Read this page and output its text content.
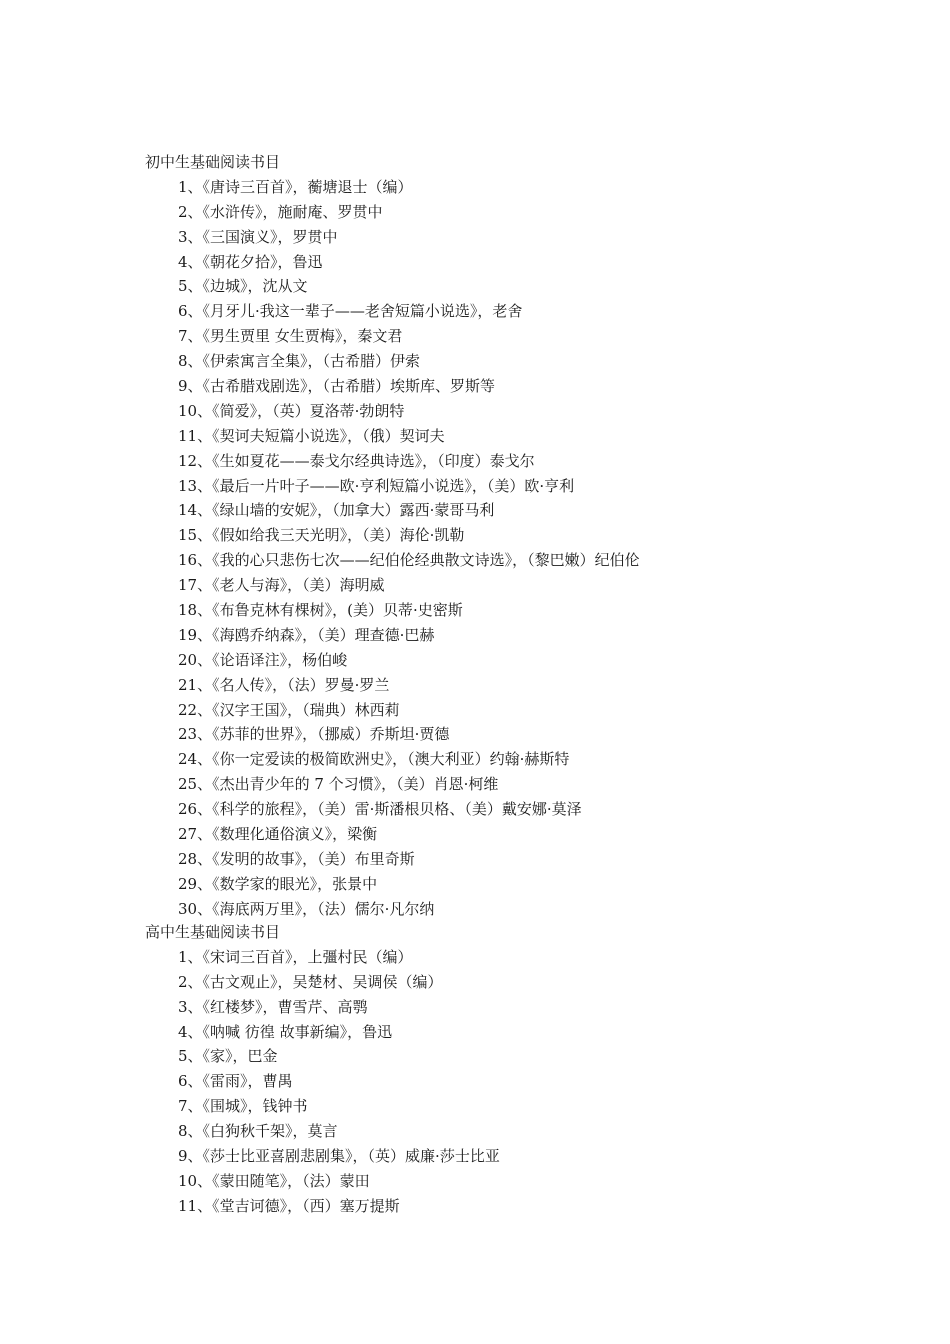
初中生基础阅读书目
1、《唐诗三百首》，蘅塘退士（编）
2、《水浒传》，施耐庵、罗贯中
3、《三国演义》，罗贯中
4、《朝花夕拾》，鲁迅
5、《边城》，沈从文
6、《月牙儿·我这一辈子——老舍短篇小说选》，老舍
7、《男生贾里 女生贾梅》，秦文君
8、《伊索寓言全集》，（古希腊）伊索
9、《古希腊戏剧选》，（古希腊）埃斯库、罗斯等
10、《简爱》，（英）夏洛蒂·勃朗特
11、《契诃夫短篇小说选》，（俄）契诃夫
12、《生如夏花——泰戈尔经典诗选》，（印度）泰戈尔
13、《最后一片叶子——欧·亨利短篇小说选》，（美）欧·亨利
14、《绿山墙的安妮》，（加拿大）露西·蒙哥马利
15、《假如给我三天光明》，（美）海伦·凯勒
16、《我的心只悲伤七次——纪伯伦经典散文诗选》，（黎巴嫩）纪伯伦
17、《老人与海》，（美）海明威
18、《布鲁克林有棵树》，(美）贝蒂·史密斯
19、《海鸥乔纳森》，（美）理查德·巴赫
20、《论语译注》，杨伯峻
21、《名人传》，（法）罗曼·罗兰
22、《汉字王国》，（瑞典）林西莉
23、《苏菲的世界》，（挪威）乔斯坦·贾德
24、《你一定爱读的极简欧洲史》，（澳大利亚）约翰·赫斯特
25、《杰出青少年的 7 个习惯》，（美）肖恩·柯维
26、《科学的旅程》，（美）雷·斯潘根贝格、（美）戴安娜·莫泽
27、《数理化通俗演义》，梁衡
28、《发明的故事》，（美）布里奇斯
29、《数学家的眼光》，张景中
30、《海底两万里》，（法）儒尔·凡尔纳
高中生基础阅读书目
1、《宋词三百首》，上彊村民（编）
2、《古文观止》，吴楚材、吴调侯（编）
3、《红楼梦》，曹雪芹、高鹗
4、《呐喊 彷徨 故事新编》，鲁迅
5、《家》，巴金
6、《雷雨》，曹禺
7、《围城》，钱钟书
8、《白狗秋千架》，莫言
9、《莎士比亚喜剧悲剧集》，（英）威廉·莎士比亚
10、《蒙田随笔》，（法）蒙田
11、《堂吉诃德》，（西）塞万提斯
